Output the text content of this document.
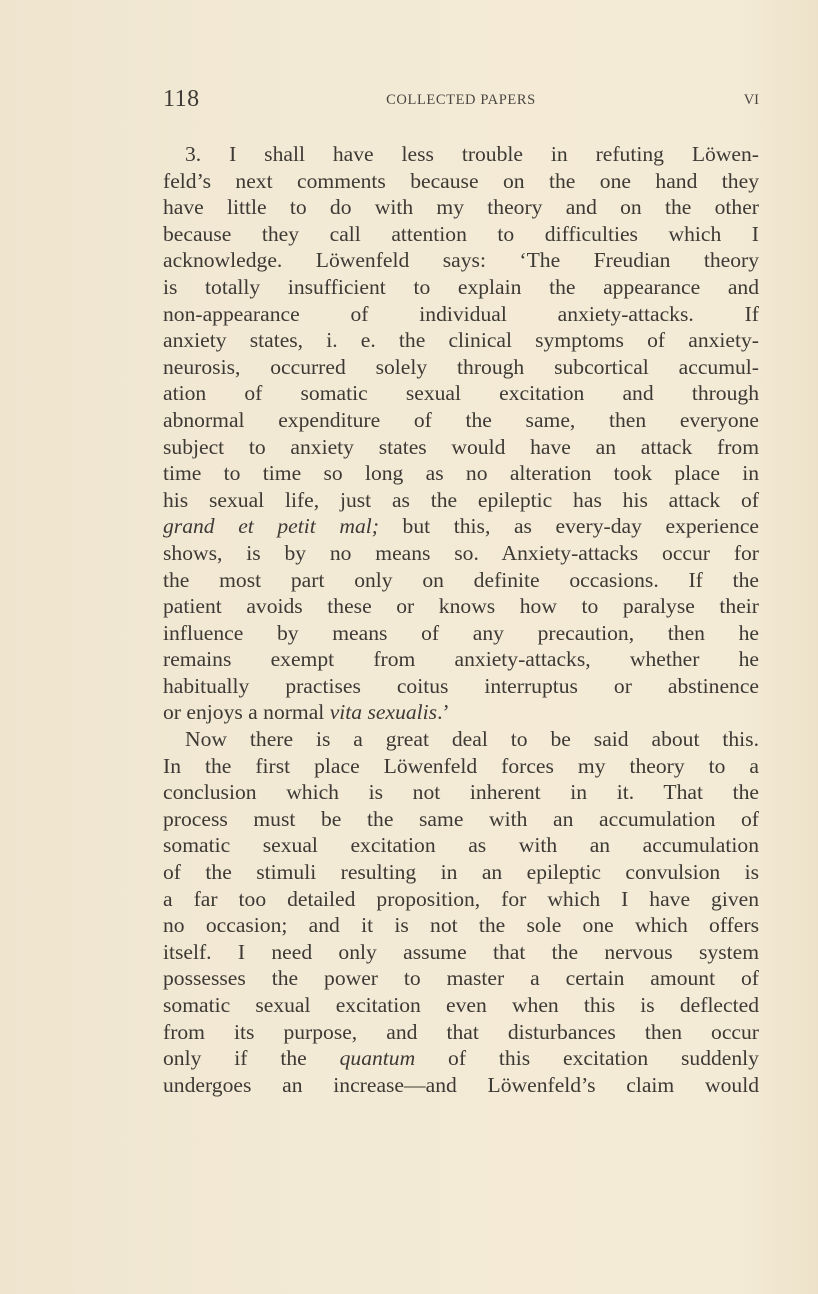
118	COLLECTED PAPERS	VI
3. I shall have less trouble in refuting Löwen-
feld’s next comments because on the one hand they
have little to do with my theory and on the other
because they call attention to difficulties which I
acknowledge. Löwenfeld says: ‘The Freudian theory
is totally insufficient to explain the appearance and
non-appearance of individual anxiety-attacks. If
anxiety states, i. e. the clinical symptoms of anxiety-
neurosis, occurred solely through subcortical accumul-
ation of somatic sexual excitation and through
abnormal expenditure of the same, then everyone
subject to anxiety states would have an attack from
time to time so long as no alteration took place in
his sexual life, just as the epileptic has his attack of
grand et petit mal; but this, as every-day experience
shows, is by no means so. Anxiety-attacks occur for
the most part only on definite occasions. If the
patient avoids these or knows how to paralyse their
influence by means of any precaution, then he
remains exempt from anxiety-attacks, whether he
habitually practises coitus interruptus or abstinence
or enjoys a normal vita sexualis.’
Now there is a great deal to be said about this.
In the first place Löwenfeld forces my theory to a
conclusion which is not inherent in it. That the
process must be the same with an accumulation of
somatic sexual excitation as with an accumulation
of the stimuli resulting in an epileptic convulsion is
a far too detailed proposition, for which I have given
no occasion; and it is not the sole one which offers
itself. I need only assume that the nervous system
possesses the power to master a certain amount of
somatic sexual excitation even when this is deflected
from its purpose, and that disturbances then occur
only if the quantum of this excitation suddenly
undergoes an increase—and Löwenfeld’s claim would
